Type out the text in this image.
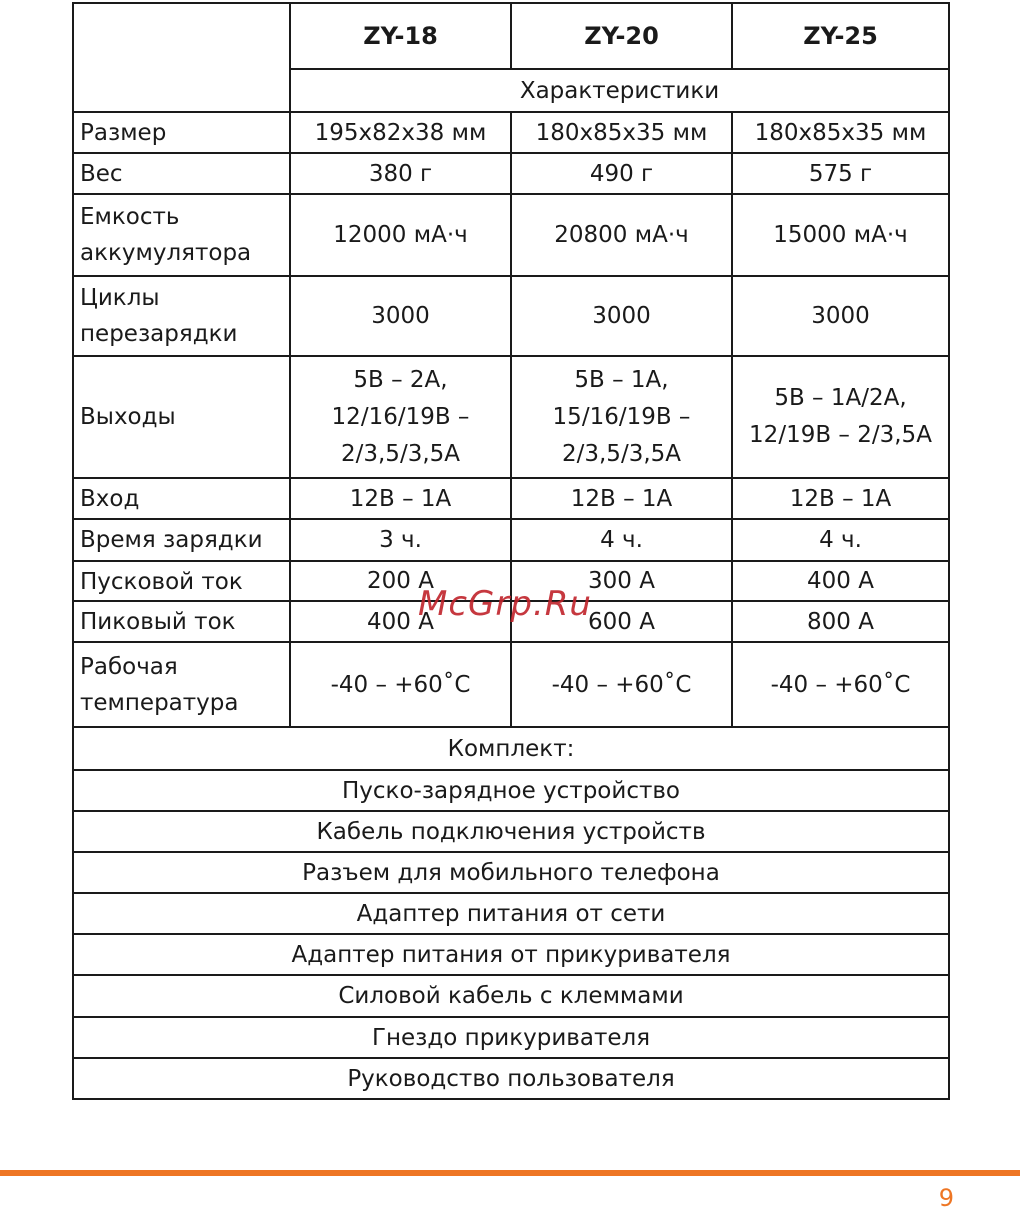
	ZY-18	ZY-20	ZY-25
	Характеристики		
Размер	195x82x38 мм	180x85x35 мм	180x85x35 мм
Вес	380 г	490 г	575 г
Емкость аккумулятора	12000 мА·ч	20800 мА·ч	15000 мА·ч
Циклы перезарядки	3000	3000	3000
Выходы	5В – 2А, 12/16/19В – 2/3,5/3,5А	5В – 1А, 15/16/19В – 2/3,5/3,5А	5В – 1А/2А, 12/19В – 2/3,5А
Вход	12В – 1А	12В – 1А	12В – 1А
Время зарядки	3 ч.	4 ч.	4 ч.
Пусковой ток	200 А	300 А	400 А
Пиковый ток	400 А	600 А	800 А
Рабочая температура	-40 – +60˚С	-40 – +60˚С	-40 – +60˚С
Комплект:			
Пуско-зарядное устройство			
Кабель подключения устройств			
Разъем для мобильного телефона			
Адаптер питания от сети			
Адаптер питания от прикуривателя			
Силовой кабель с клеммами			
Гнездо прикуривателя			
Руководство пользователя			
McGrp.Ru
9
